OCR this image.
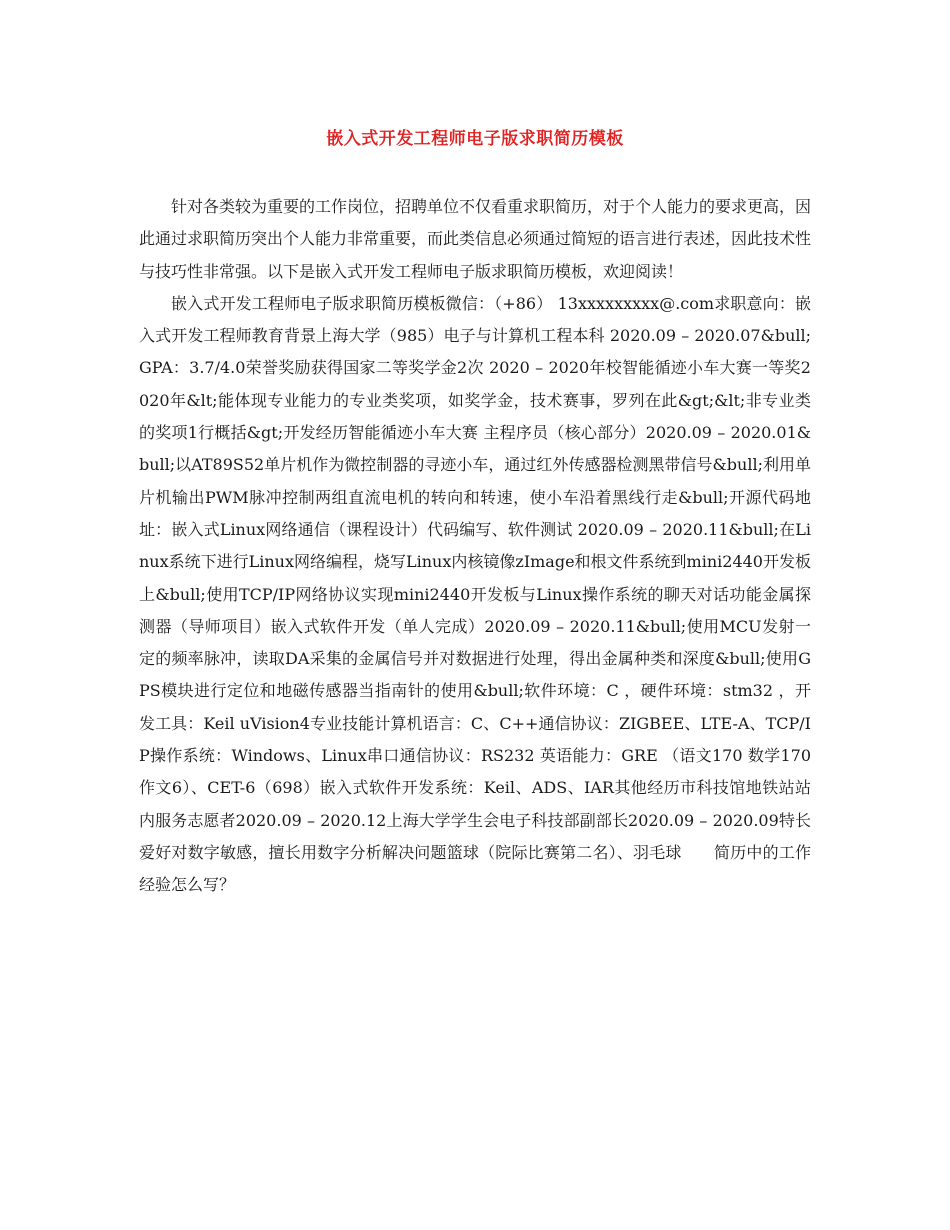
嵌入式开发工程师电子版求职简历模板

针对各类较为重要的工作岗位，招聘单位不仅看重求职简历，对于个人能力的要求更高，因此通过求职简历突出个人能力非常重要，而此类信息必须通过简短的语言进行表述，因此技术性与技巧性非常强。以下是嵌入式开发工程师电子版求职简历模板，欢迎阅读！

嵌入式开发工程师电子版求职简历模板微信：（+86） 13xxxxxxxxx@.com求职意向：嵌入式开发工程师教育背景上海大学（985）电子与计算机工程本科 2020.09 – 2020.07&bull;GPA：3.7/4.0荣誉奖励获得国家二等奖学金2次 2020 – 2020年校智能循迹小车大赛一等奖2020年&lt;能体现专业能力的专业类奖项，如奖学金，技术赛事，罗列在此&gt;&lt;非专业类的奖项1行概括&gt;开发经历智能循迹小车大赛 主程序员（核心部分）2020.09 – 2020.01&bull;以AT89S52单片机作为微控制器的寻迹小车，通过红外传感器检测黑带信号&bull;利用单片机输出PWM脉冲控制两组直流电机的转向和转速，使小车沿着黑线行走&bull;开源代码地址：嵌入式Linux网络通信（课程设计）代码编写、软件测试 2020.09 – 2020.11&bull;在Linux系统下进行Linux网络编程，烧写Linux内核镜像zImage和根文件系统到mini2440开发板上&bull;使用TCP/IP网络协议实现mini2440开发板与Linux操作系统的聊天对话功能金属探测器（导师项目）嵌入式软件开发（单人完成）2020.09 – 2020.11&bull;使用MCU发射一定的频率脉冲，读取DA采集的金属信号并对数据进行处理，得出金属种类和深度&bull;使用GPS模块进行定位和地磁传感器当指南针的使用&bull;软件环境：C ，硬件环境：stm32 ，开发工具：Keil uVision4专业技能计算机语言：C、C++通信协议：ZIGBEE、LTE-A、TCP/IP操作系统：Windows、Linux串口通信协议：RS232 英语能力：GRE （语文170 数学170 作文6）、CET-6（698）嵌入式软件开发系统：Keil、ADS、IAR其他经历市科技馆地铁站站内服务志愿者2020.09 – 2020.12上海大学学生会电子科技部副部长2020.09 – 2020.09特长爱好对数字敏感，擅长用数字分析解决问题篮球（院际比赛第二名）、羽毛球　　简历中的工作经验怎么写？
